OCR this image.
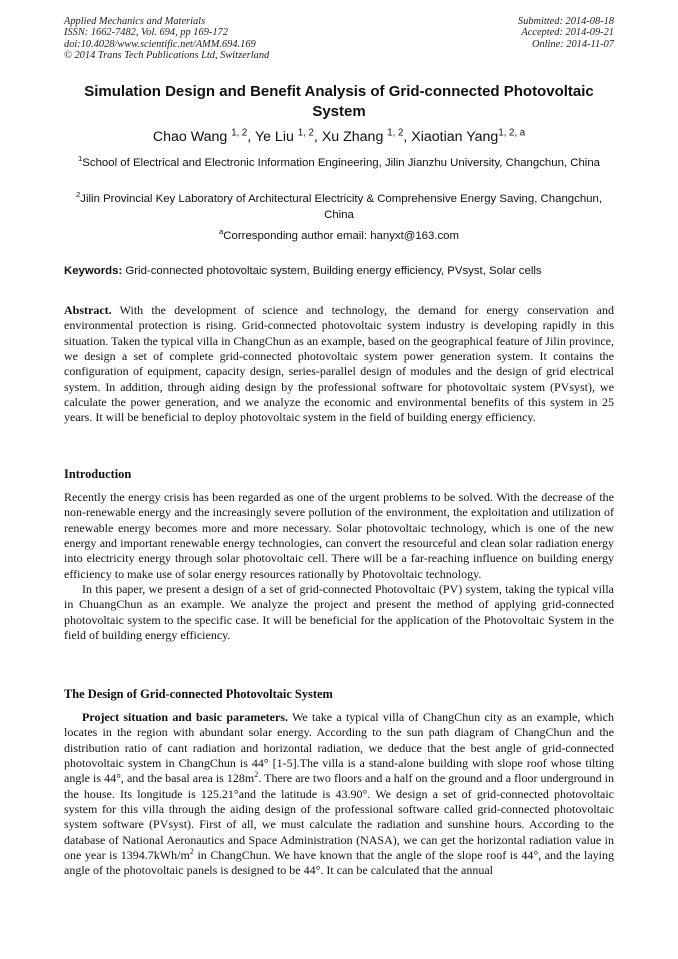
Applied Mechanics and Materials
ISSN: 1662-7482, Vol. 694, pp 169-172
doi:10.4028/www.scientific.net/AMM.694.169
© 2014 Trans Tech Publications Ltd, Switzerland
Submitted: 2014-08-18
Accepted: 2014-09-21
Online: 2014-11-07
Simulation Design and Benefit Analysis of Grid-connected Photovoltaic System
Chao Wang $^{1, 2}$, Ye Liu $^{1, 2}$, Xu Zhang $^{1, 2}$, Xiaotian Yang$^{1, 2, a}$
$^1$School of Electrical and Electronic Information Engineering, Jilin Jianzhu University, Changchun, China
$^2$Jilin Provincial Key Laboratory of Architectural Electricity & Comprehensive Energy Saving, Changchun, China
$^a$Corresponding author email: hanyxt@163.com
Keywords: Grid-connected photovoltaic system, Building energy efficiency, PVsyst, Solar cells
Abstract. With the development of science and technology, the demand for energy conservation and environmental protection is rising. Grid-connected photovoltaic system industry is developing rapidly in this situation. Taken the typical villa in ChangChun as an example, based on the geographical feature of Jilin province, we design a set of complete grid-connected photovoltaic system power generation system. It contains the configuration of equipment, capacity design, series-parallel design of modules and the design of grid electrical system. In addition, through aiding design by the professional software for photovoltaic system (PVsyst), we calculate the power generation, and we analyze the economic and environmental benefits of this system in 25 years. It will be beneficial to deploy photovoltaic system in the field of building energy efficiency.
Introduction

Recently the energy crisis has been regarded as one of the urgent problems to be solved. With the decrease of the non-renewable energy and the increasingly severe pollution of the environment, the exploitation and utilization of renewable energy becomes more and more necessary. Solar photovoltaic technology, which is one of the new energy and important renewable energy technologies, can convert the resourceful and clean solar radiation energy into electricity energy through solar photovoltaic cell. There will be a far-reaching influence on building energy efficiency to make use of solar energy resources rationally by Photovoltaic technology.

In this paper, we present a design of a set of grid-connected Photovoltaic (PV) system, taking the typical villa in ChuangChun as an example. We analyze the project and present the method of applying grid-connected photovoltaic system to the specific case. It will be beneficial for the application of the Photovoltaic System in the field of building energy efficiency.

The Design of Grid-connected Photovoltaic System

Project situation and basic parameters. We take a typical villa of ChangChun city as an example, which locates in the region with abundant solar energy. According to the sun path diagram of ChangChun and the distribution ratio of cant radiation and horizontal radiation, we deduce that the best angle of grid-connected photovoltaic system in ChangChun is 44° [1-5].The villa is a stand-alone building with slope roof whose tilting angle is 44°, and the basal area is $128m^2$. There are two floors and a half on the ground and a floor underground in the house. Its longitude is 125.21°and the latitude is 43.90°. We design a set of grid-connected photovoltaic system for this villa through the aiding design of the professional software called grid-connected photovoltaic system software (PVsyst). First of all, we must calculate the radiation and sunshine hours. According to the database of National Aeronautics and Space Administration (NASA), we can get the horizontal radiation value in one year is $1394.7kWh/m^2$ in ChangChun. We have known that the angle of the slope roof is 44°, and the laying angle of the photovoltaic panels is designed to be 44°. It can be calculated that the annual
